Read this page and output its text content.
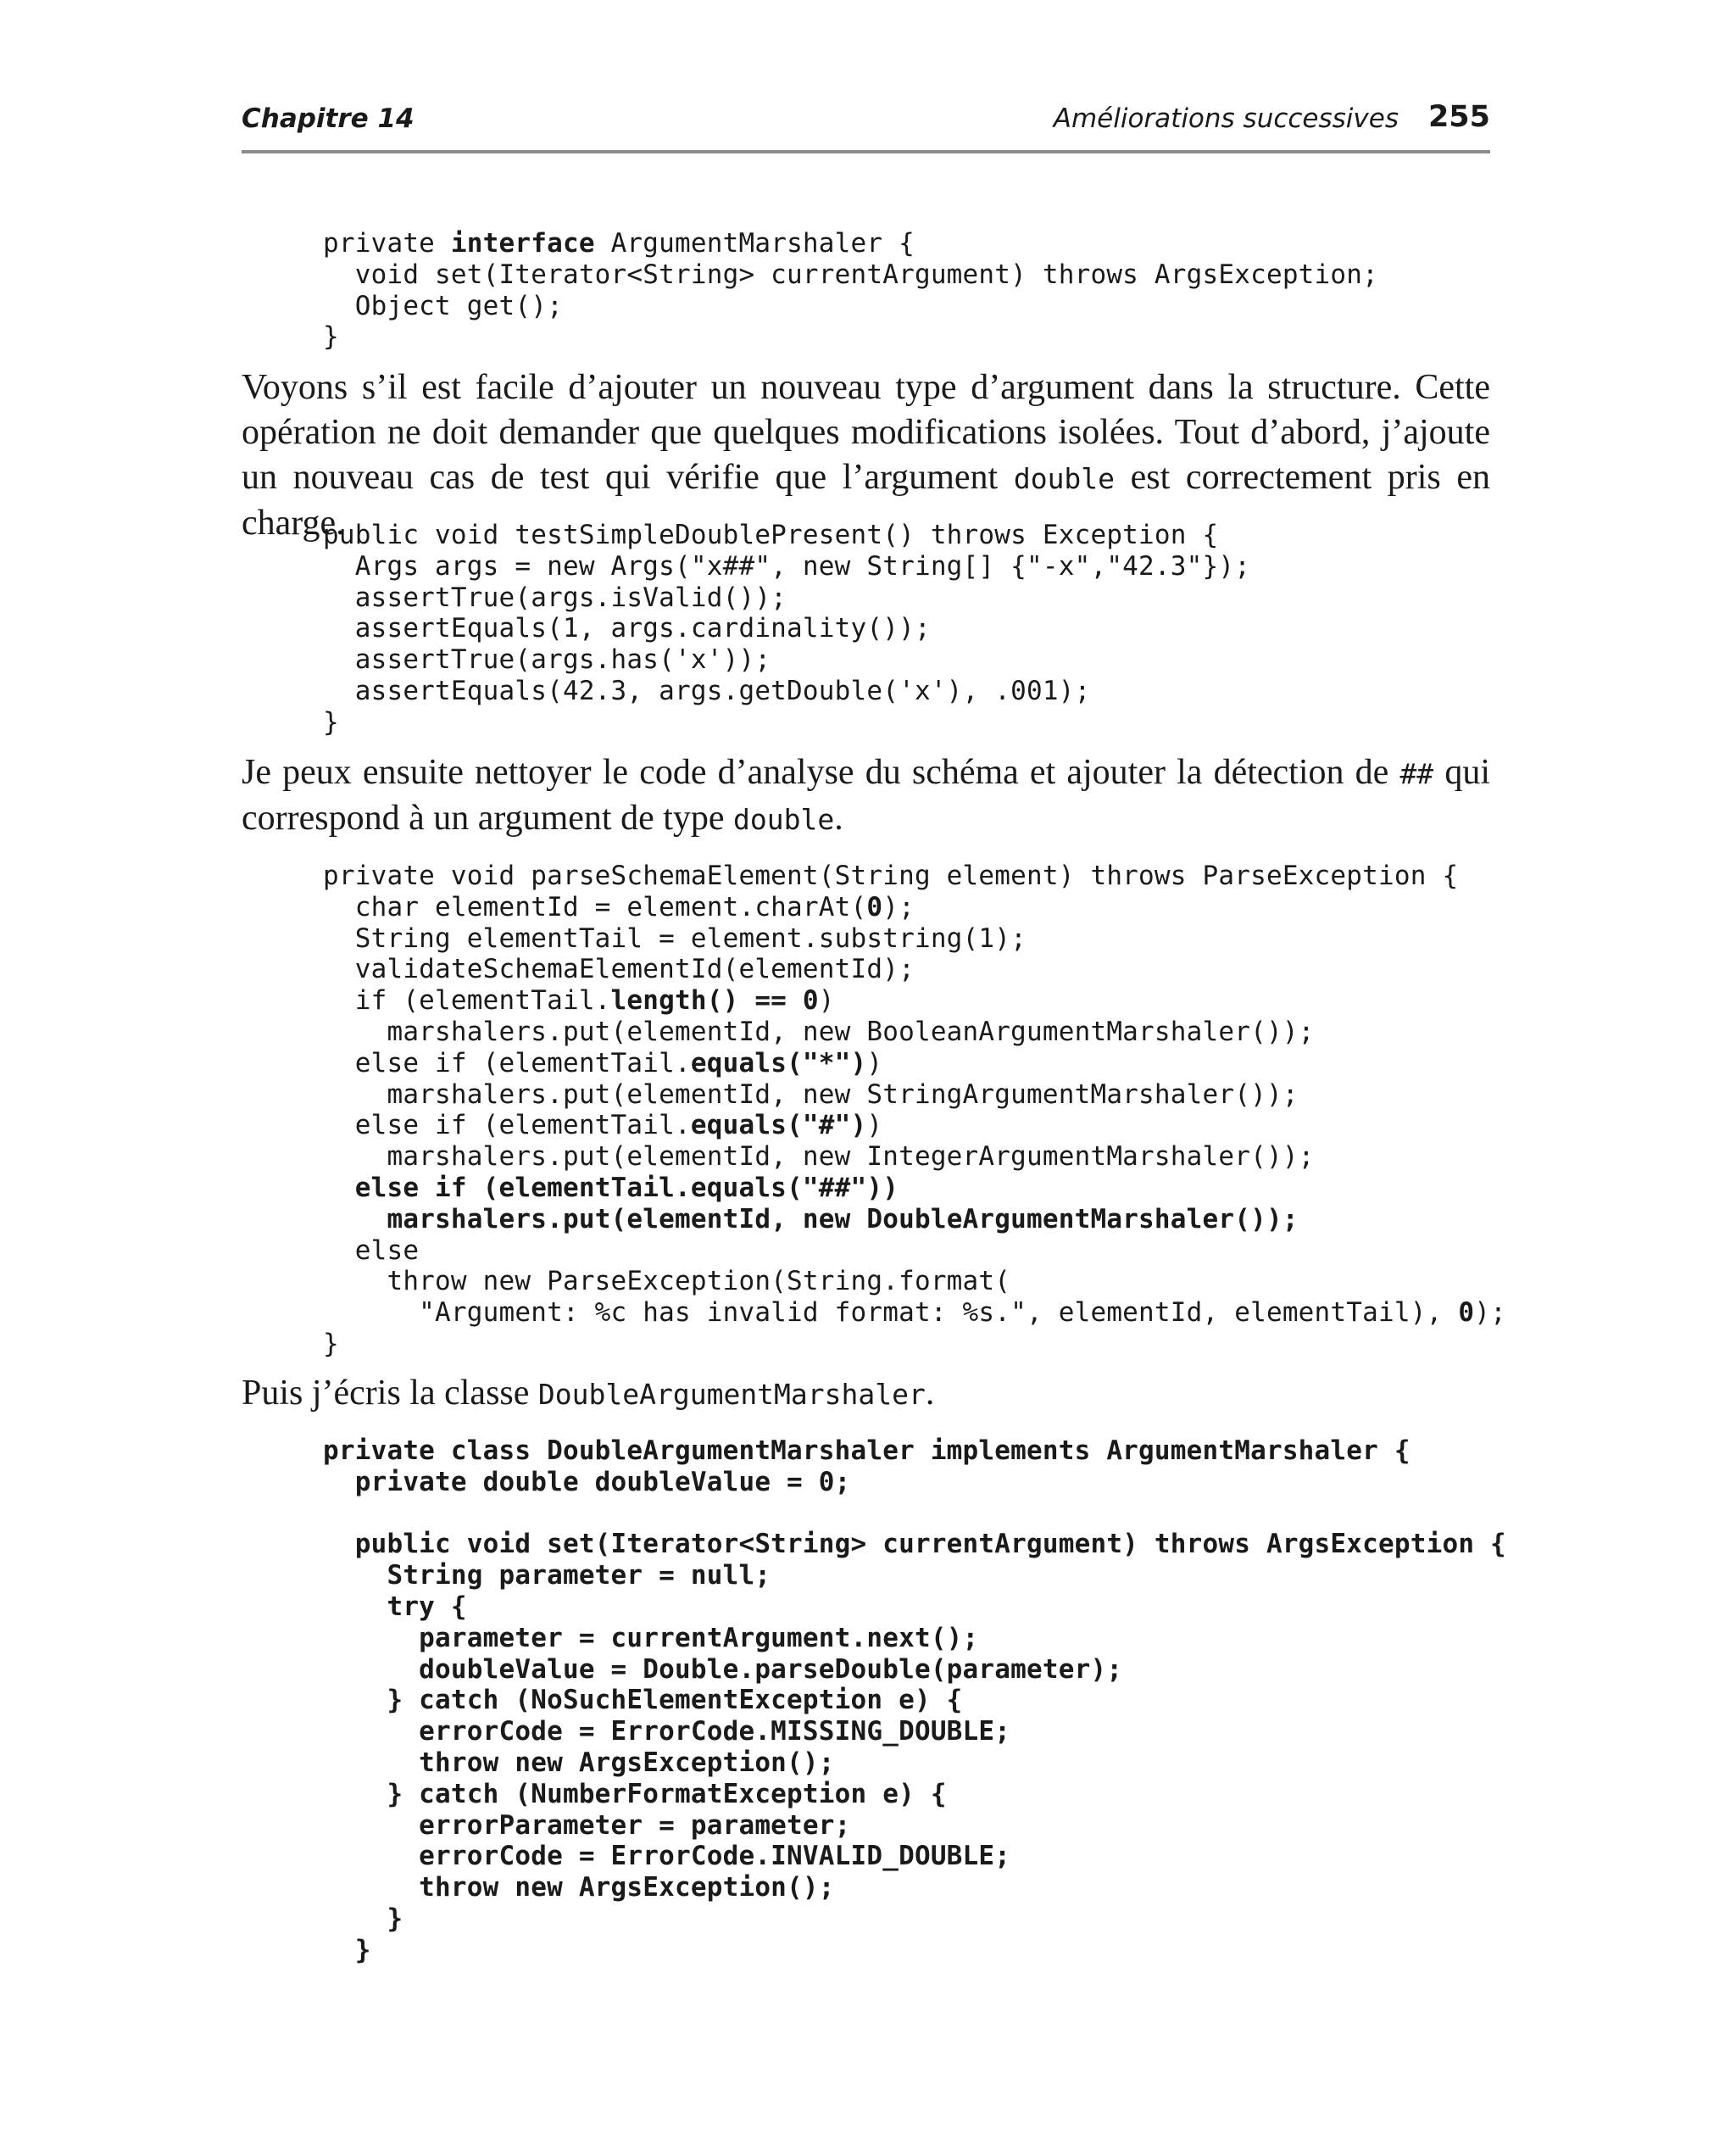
Chapitre 14	Améliorations successives 255
private interface ArgumentMarshaler {
void set(Iterator<String> currentArgument) throws ArgsException;
Object get();
}

Voyons s’il est facile d’ajouter un nouveau type d’argument dans la structure. Cette opération ne doit demander que quelques modifications isolées. Tout d’abord, j’ajoute un nouveau cas de test qui vérifie que l’argument double est correctement pris en charge.

public void testSimpleDoublePresent() throws Exception {
Args args = new Args("x##", new String[] {"-x","42.3"});
assertTrue(args.isValid());
assertEquals(1, args.cardinality());
assertTrue(args.has('x'));
assertEquals(42.3, args.getDouble('x'), .001);
}

Je peux ensuite nettoyer le code d’analyse du schéma et ajouter la détection de ## qui correspond à un argument de type double.

private void parseSchemaElement(String element) throws ParseException {
char elementId = element.charAt(0);
String elementTail = element.substring(1);
validateSchemaElementId(elementId);
if (elementTail.length() == 0)
marshalers.put(elementId, new BooleanArgumentMarshaler());
else if (elementTail.equals("*"))
marshalers.put(elementId, new StringArgumentMarshaler());
else if (elementTail.equals("#"))
marshalers.put(elementId, new IntegerArgumentMarshaler());
else if (elementTail.equals("##"))
marshalers.put(elementId, new DoubleArgumentMarshaler());
else
throw new ParseException(String.format(
"Argument: %c has invalid format: %s.", elementId, elementTail), 0);
}

Puis j’écris la classe DoubleArgumentMarshaler.

private class DoubleArgumentMarshaler implements ArgumentMarshaler {
private double doubleValue = 0;

public void set(Iterator<String> currentArgument) throws ArgsException {
String parameter = null;
try {
parameter = currentArgument.next();
doubleValue = Double.parseDouble(parameter);
} catch (NoSuchElementException e) {
errorCode = ErrorCode.MISSING_DOUBLE;
throw new ArgsException();
} catch (NumberFormatException e) {
errorParameter = parameter;
errorCode = ErrorCode.INVALID_DOUBLE;
throw new ArgsException();
}
}
